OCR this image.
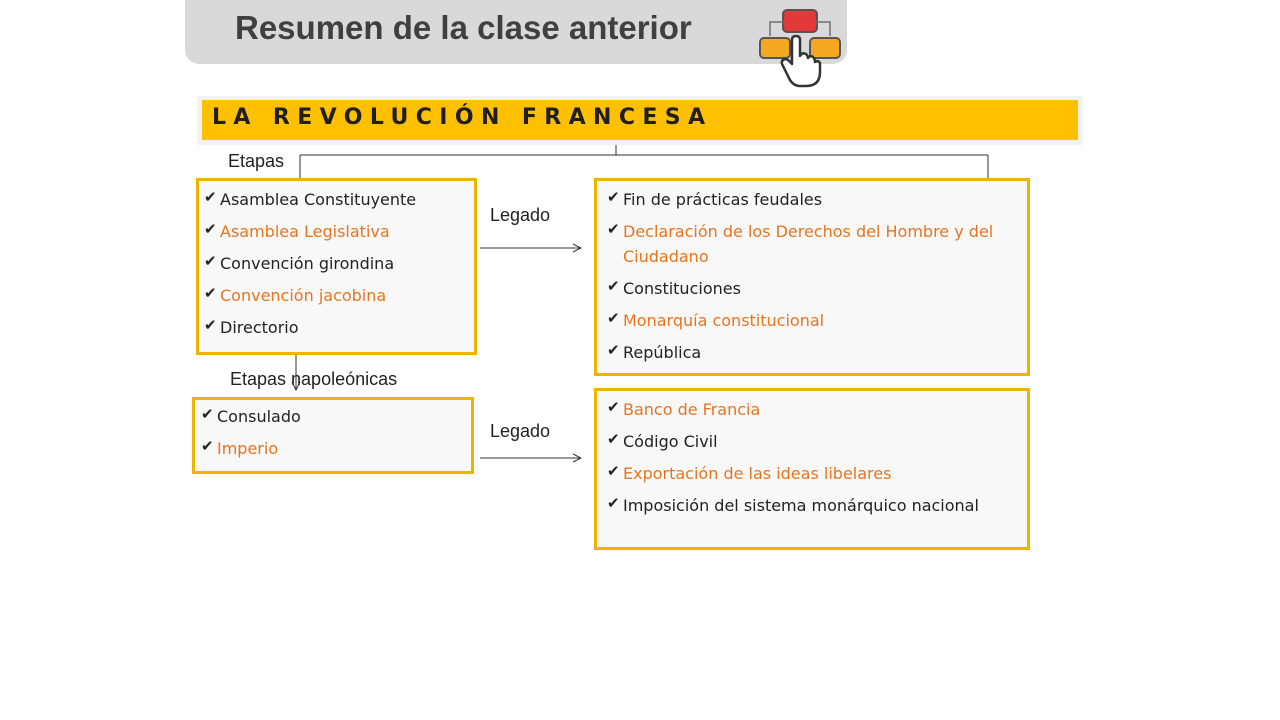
Resumen de la clase anterior
LA REVOLUCIÓN FRANCESA
Etapas
Legado
Etapas napoleónicas
Legado
✔ Asamblea Constituyente
✔ Asamblea Legislativa
✔ Convención girondina
✔ Convención jacobina
✔ Directorio
✔ Fin de prácticas feudales
✔ Declaración de los Derechos del Hombre y del Ciudadano
✔ Constituciones
✔ Monarquía constitucional
✔ República
✔ Consulado
✔ Imperio
✔ Banco de Francia
✔ Código Civil
✔ Exportación de las ideas libelares
✔ Imposición del sistema monárquico nacional
